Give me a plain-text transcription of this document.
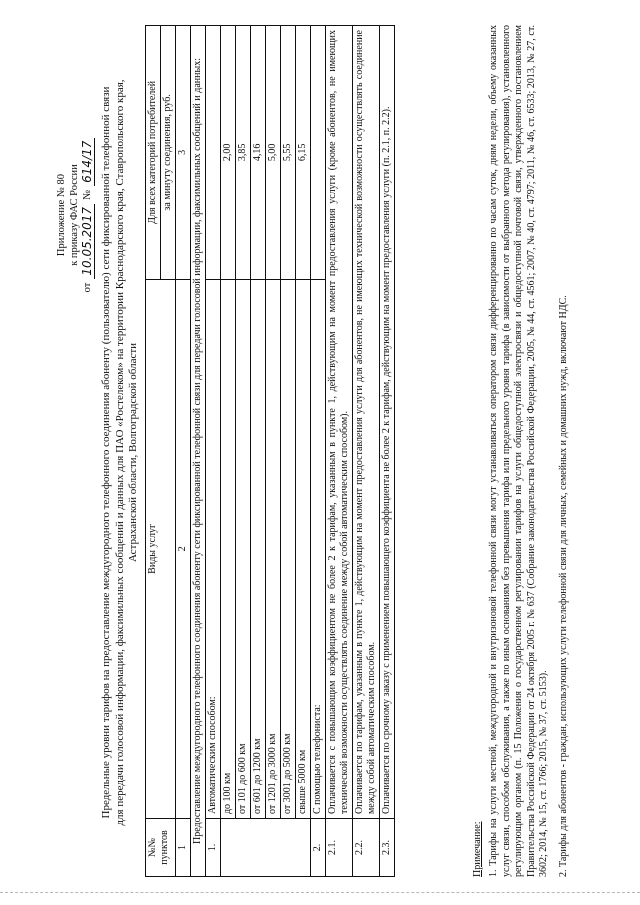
Приложение № 80 к приказу ФАС России
от
10.05.2017
№
614/17 Предельные уровни тарифов на предоставление междугородного телефонного соединения абоненту (пользователю) сети фиксированной телефонной связи для передачи голосовой информации, факсимильных сообщений и данных для ПАО «Ростелеком» на территории Краснодарского края, Ставропольского края, Астраханской области, Волгоградской области
№№ пунктов	Виды услуг	Для всех категорий потребителей
		за минуту соединения, руб.
1	2	3
Предоставление междугородного телефонного соединения абоненту сети фиксированной телефонной связи для передачи голосовой информации, факсимильных сообщений и данных:		
1.	Автоматическим способом:	
	до 100 км	2,00
	от 101 до 600 км	3,85
	от 601 до 1200 км	4,16
	от 1201 до 3000 км	5,00
	от 3001 до 5000 км	5,55
	свыше 5000 км	6,15
2.	С помощью телефониста:	
2.1.	Оплачивается с повышающим коэффициентом не более 2 к тарифам, указанным в пункте 1, действующим на момент предоставления услуги (кроме абонентов, не имеющих технической возможности осуществлять соединение между собой автоматическим способом).	
2.2.	Оплачивается по тарифам, указанным в пункте 1, действующим на момент предоставления услуги для абонентов, не имеющих технической возможности осуществлять соединение между собой автоматическим способом.	
2.3.	Оплачивается по срочному заказу с применением повышающего коэффициента не более 2 к тарифам, действующим на момент предоставления услуги (п. 2.1, п. 2.2).	

Примечание: 1. Тарифы на услуги местной, междугородной и внутризоновой телефонной связи могут устанавливаться оператором связи дифференцированно по часам суток, дням недели, объему оказанных услуг связи, способом обслуживания, а также по иным основаниям без превышения тарифа или предельного уровня тарифа (в зависимости от выбранного метода регулирования), установленного регулирующим органом (п. 15 Положения о государственном регулировании тарифов на услуги общедоступной электросвязи и общедоступной почтовой связи, утвержденного постановлением Правительства Российской Федерации от 24 октября 2005 г. № 637 (Собрание законодательства Российской Федерации, 2005, № 44, ст. 4561; 2007, № 40, ст. 4797; 2011, № 46, ст. 6533; 2013, № 27, ст. 3602; 2014, № 15, ст. 1766; 2015, № 37, ст. 5153). 2. Тарифы для абонентов - граждан, использующих услуги телефонной связи для личных, семейных и домашних нужд, включают НДС.
